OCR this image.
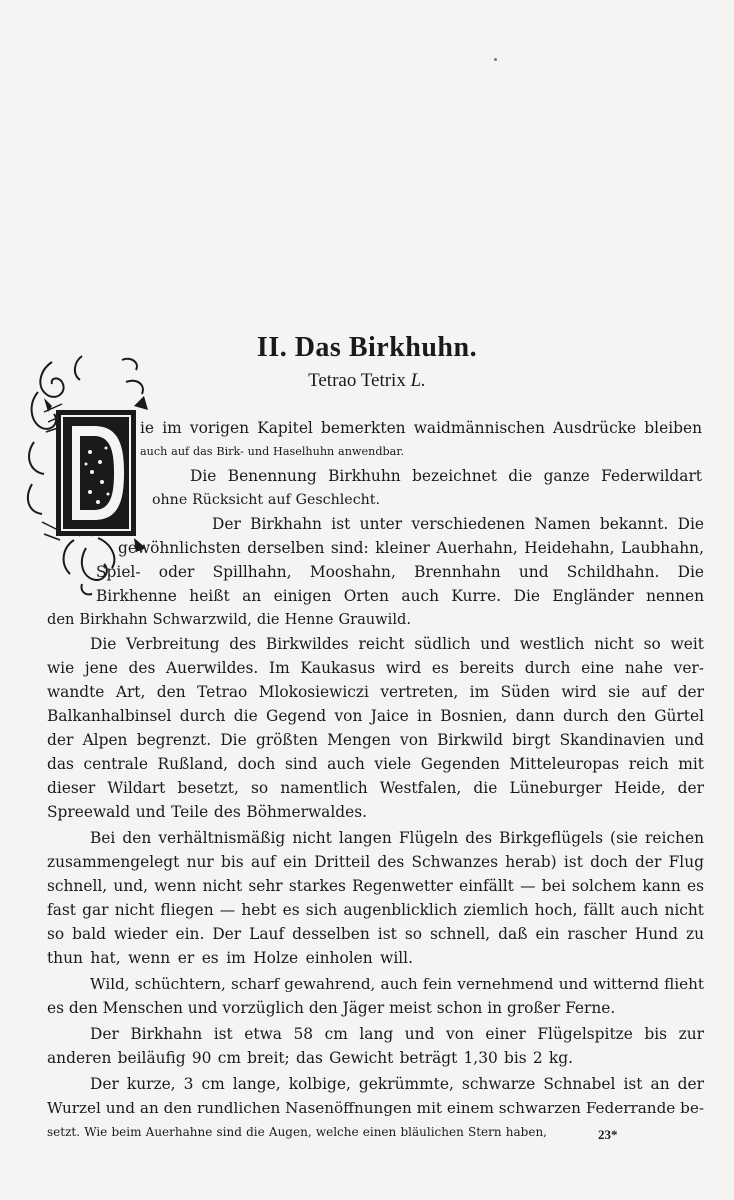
II. Das Birkhuhn.
Tetrao Tetrix L.
ie im vorigen Kapitel bemerkten waidmännischen Ausdrücke bleiben
auch auf das Birk- und Haselhuhn anwendbar.
Die Benennung Birkhuhn bezeichnet die ganze Federwildart
ohne Rücksicht auf Geschlecht.
Der Birkhahn ist unter verschiedenen Namen bekannt. Die
gewöhnlichsten derselben sind: kleiner Auerhahn, Heidehahn, Laubhahn,
Spiel- oder Spillhahn, Mooshahn, Brennhahn und Schildhahn. Die
Birkhenne heißt an einigen Orten auch Kurre. Die Engländer nennen
den Birkhahn Schwarzwild, die Henne Grauwild.
Die Verbreitung des Birkwildes reicht südlich und westlich nicht so weit
wie jene des Auerwildes. Im Kaukasus wird es bereits durch eine nahe ver-
wandte Art, den Tetrao Mlokosiewiczi vertreten, im Süden wird sie auf der
Balkanhalbinsel durch die Gegend von Jaice in Bosnien, dann durch den Gürtel
der Alpen begrenzt. Die größten Mengen von Birkwild birgt Skandinavien und
das centrale Rußland, doch sind auch viele Gegenden Mitteleuropas reich mit
dieser Wildart besetzt, so namentlich Westfalen, die Lüneburger Heide, der
Spreewald und Teile des Böhmerwaldes.
Bei den verhältnismäßig nicht langen Flügeln des Birkgeflügels (sie reichen
zusammengelegt nur bis auf ein Dritteil des Schwanzes herab) ist doch der Flug
schnell, und, wenn nicht sehr starkes Regenwetter einfällt — bei solchem kann es
fast gar nicht fliegen — hebt es sich augenblicklich ziemlich hoch, fällt auch nicht
so bald wieder ein. Der Lauf desselben ist so schnell, daß ein rascher Hund zu
thun hat, wenn er es im Holze einholen will.
Wild, schüchtern, scharf gewahrend, auch fein vernehmend und witternd flieht
es den Menschen und vorzüglich den Jäger meist schon in großer Ferne.
Der Birkhahn ist etwa 58 cm lang und von einer Flügelspitze bis zur
anderen beiläufig 90 cm breit; das Gewicht beträgt 1,30 bis 2 kg.
Der kurze, 3 cm lange, kolbige, gekrümmte, schwarze Schnabel ist an der
Wurzel und an den rundlichen Nasenöffnungen mit einem schwarzen Federrande be-
setzt. Wie beim Auerhahne sind die Augen, welche einen bläulichen Stern haben,	23*
